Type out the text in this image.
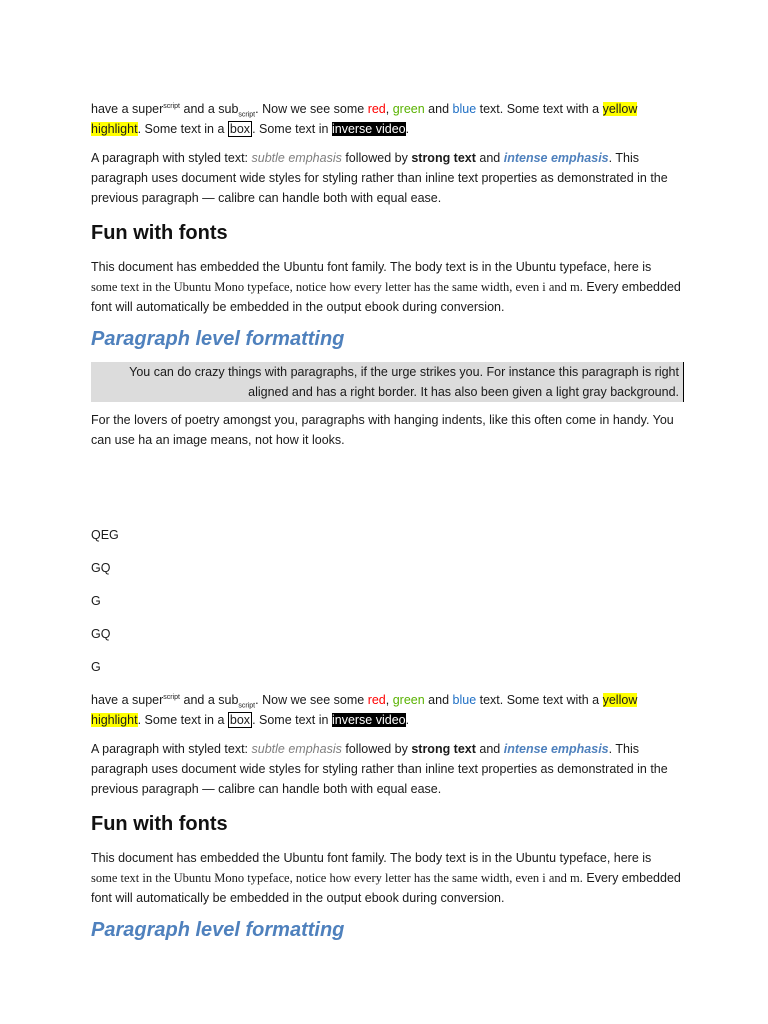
have a super$^{script}$ and a sub$_{script}$. Now we see some red, green and blue text. Some text with a yellow highlight. Some text in a box . Some text in inverse video.

A paragraph with styled text: subtle emphasis followed by strong text and intense emphasis. This paragraph uses document wide styles for styling rather than inline text properties as demonstrated in the previous paragraph — calibre can handle both with equal ease.

Fun with fonts

This document has embedded the Ubuntu font family. The body text is in the Ubuntu typeface, here is some text in the Ubuntu Mono typeface, notice how every letter has the same width, even i and m. Every embedded font will automatically be embedded in the output ebook during conversion.

Paragraph level formatting

You can do crazy things with paragraphs, if the urge strikes you. For instance this paragraph is right aligned and has a right border. It has also been given a light gray background.

For the lovers of poetry amongst you, paragraphs with hanging indents, like this often come in handy. You can use ha an image means, not how it looks.

QEG

GQ

G

GQ

G

have a super$^{script}$ and a sub$_{script}$. Now we see some red, green and blue text. Some text with a yellow highlight. Some text in a box . Some text in inverse video.

A paragraph with styled text: subtle emphasis followed by strong text and intense emphasis. This paragraph uses document wide styles for styling rather than inline text properties as demonstrated in the previous paragraph — calibre can handle both with equal ease.

Fun with fonts

This document has embedded the Ubuntu font family. The body text is in the Ubuntu typeface, here is some text in the Ubuntu Mono typeface, notice how every letter has the same width, even i and m. Every embedded font will automatically be embedded in the output ebook during conversion.

Paragraph level formatting
